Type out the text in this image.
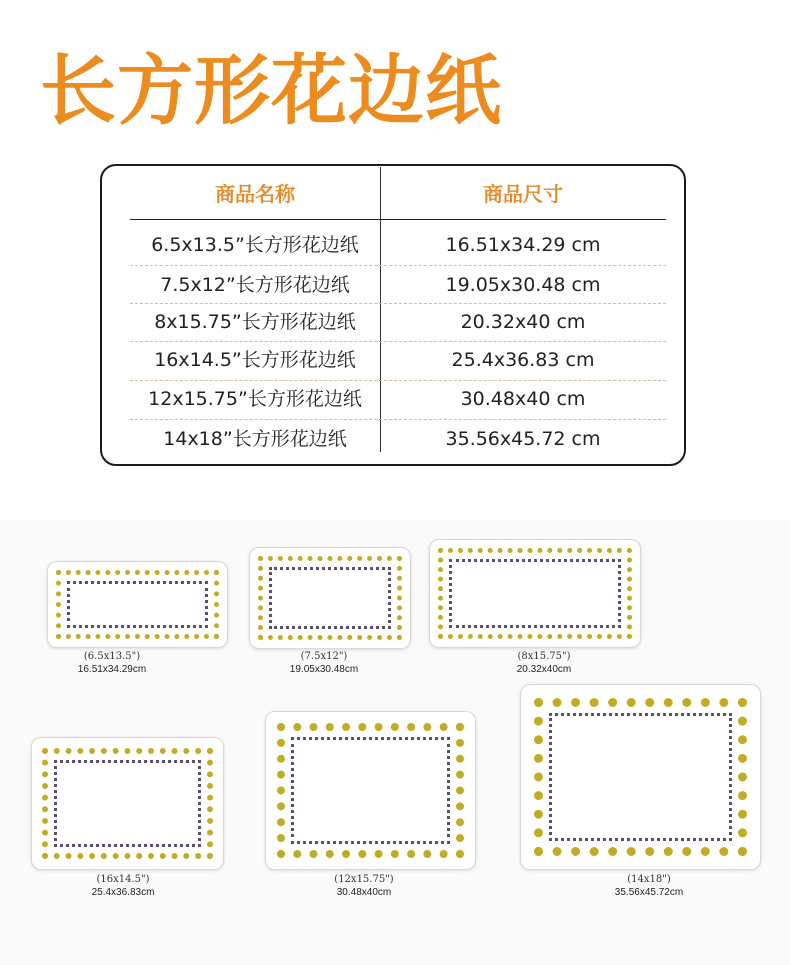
长方形花边纸
商品名称	商品尺寸
6.5x13.5”长方形花边纸	16.51x34.29 cm
7.5x12”长方形花边纸	19.05x30.48 cm
8x15.75”长方形花边纸	20.32x40 cm
16x14.5”长方形花边纸	25.4x36.83 cm
12x15.75”长方形花边纸	30.48x40 cm
14x18”长方形花边纸	35.56x45.72 cm
(6.5x13.5")
16.51x34.29cm
(7.5x12")
19.05x30.48cm
(8x15.75")
20.32x40cm
(16x14.5")
25.4x36.83cm
(12x15.75")
30.48x40cm
(14x18")
35.56x45.72cm
